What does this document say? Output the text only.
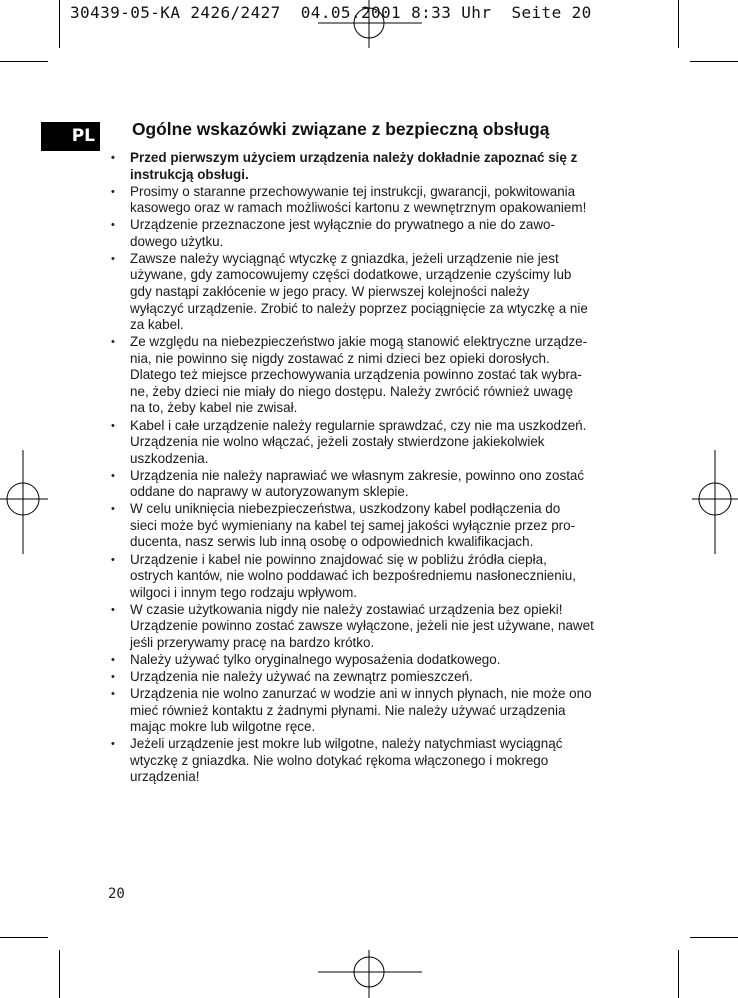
30439-05-KA 2426/2427  04.05.2001 8:33 Uhr  Seite 20
PL Ogólne wskazówki związane z bezpieczną obsługą
• Przed pierwszym użyciem urządzenia należy dokładnie zapoznać się z
instrukcją obsługi.
• Prosimy o staranne przechowywanie tej instrukcji, gwarancji, pokwitowania
kasowego oraz w ramach możliwości kartonu z wewnętrznym opakowaniem!
• Urządzenie przeznaczone jest wyłącznie do prywatnego a nie do zawo-
dowego użytku.
• Zawsze należy wyciągnąć wtyczkę z gniazdka, jeżeli urządzenie nie jest
używane, gdy zamocowujemy części dodatkowe, urządzenie czyścimy lub
gdy nastąpi zakłócenie w jego pracy. W pierwszej kolejności należy
wyłączyć urządzenie. Zrobić to należy poprzez pociągnięcie za wtyczkę a nie
za kabel.
• Ze względu na niebezpieczeństwo jakie mogą stanowić elektryczne urządze-
nia, nie powinno się nigdy zostawać z nimi dzieci bez opieki dorosłych.
Dlatego też miejsce przechowywania urządzenia powinno zostać tak wybra-
ne, żeby dzieci nie miały do niego dostępu. Należy zwrócić również uwagę
na to, żeby kabel nie zwisał.
• Kabel i całe urządzenie należy regularnie sprawdzać, czy nie ma uszkodzeń.
Urządzenia nie wolno włączać, jeżeli zostały stwierdzone jakiekolwiek
uszkodzenia.
• Urządzenia nie należy naprawiać we własnym zakresie, powinno ono zostać
oddane do naprawy w autoryzowanym sklepie.
• W celu uniknięcia niebezpieczeństwa, uszkodzony kabel podłączenia do
sieci może być wymieniany na kabel tej samej jakości wyłącznie przez pro-
ducenta, nasz serwis lub inną osobę o odpowiednich kwalifikacjach.
• Urządzenie i kabel nie powinno znajdować się w pobliżu źródła ciepła,
ostrych kantów, nie wolno poddawać ich bezpośredniemu nasłonecznieniu,
wilgoci i innym tego rodzaju wpływom.
• W czasie użytkowania nigdy nie należy zostawiać urządzenia bez opieki!
Urządzenie powinno zostać zawsze wyłączone, jeżeli nie jest używane, nawet
jeśli przerywamy pracę na bardzo krótko.
• Należy używać tylko oryginalnego wyposażenia dodatkowego.
• Urządzenia nie należy używać na zewnątrz pomieszczeń.
• Urządzenia nie wolno zanurzać w wodzie ani w innych płynach, nie może ono
mieć również kontaktu z żadnymi płynami. Nie należy używać urządzenia
mając mokre lub wilgotne ręce.
• Jeżeli urządzenie jest mokre lub wilgotne, należy natychmiast wyciągnąć
wtyczkę z gniazdka. Nie wolno dotykać rękoma włączonego i mokrego
urządzenia!
20
